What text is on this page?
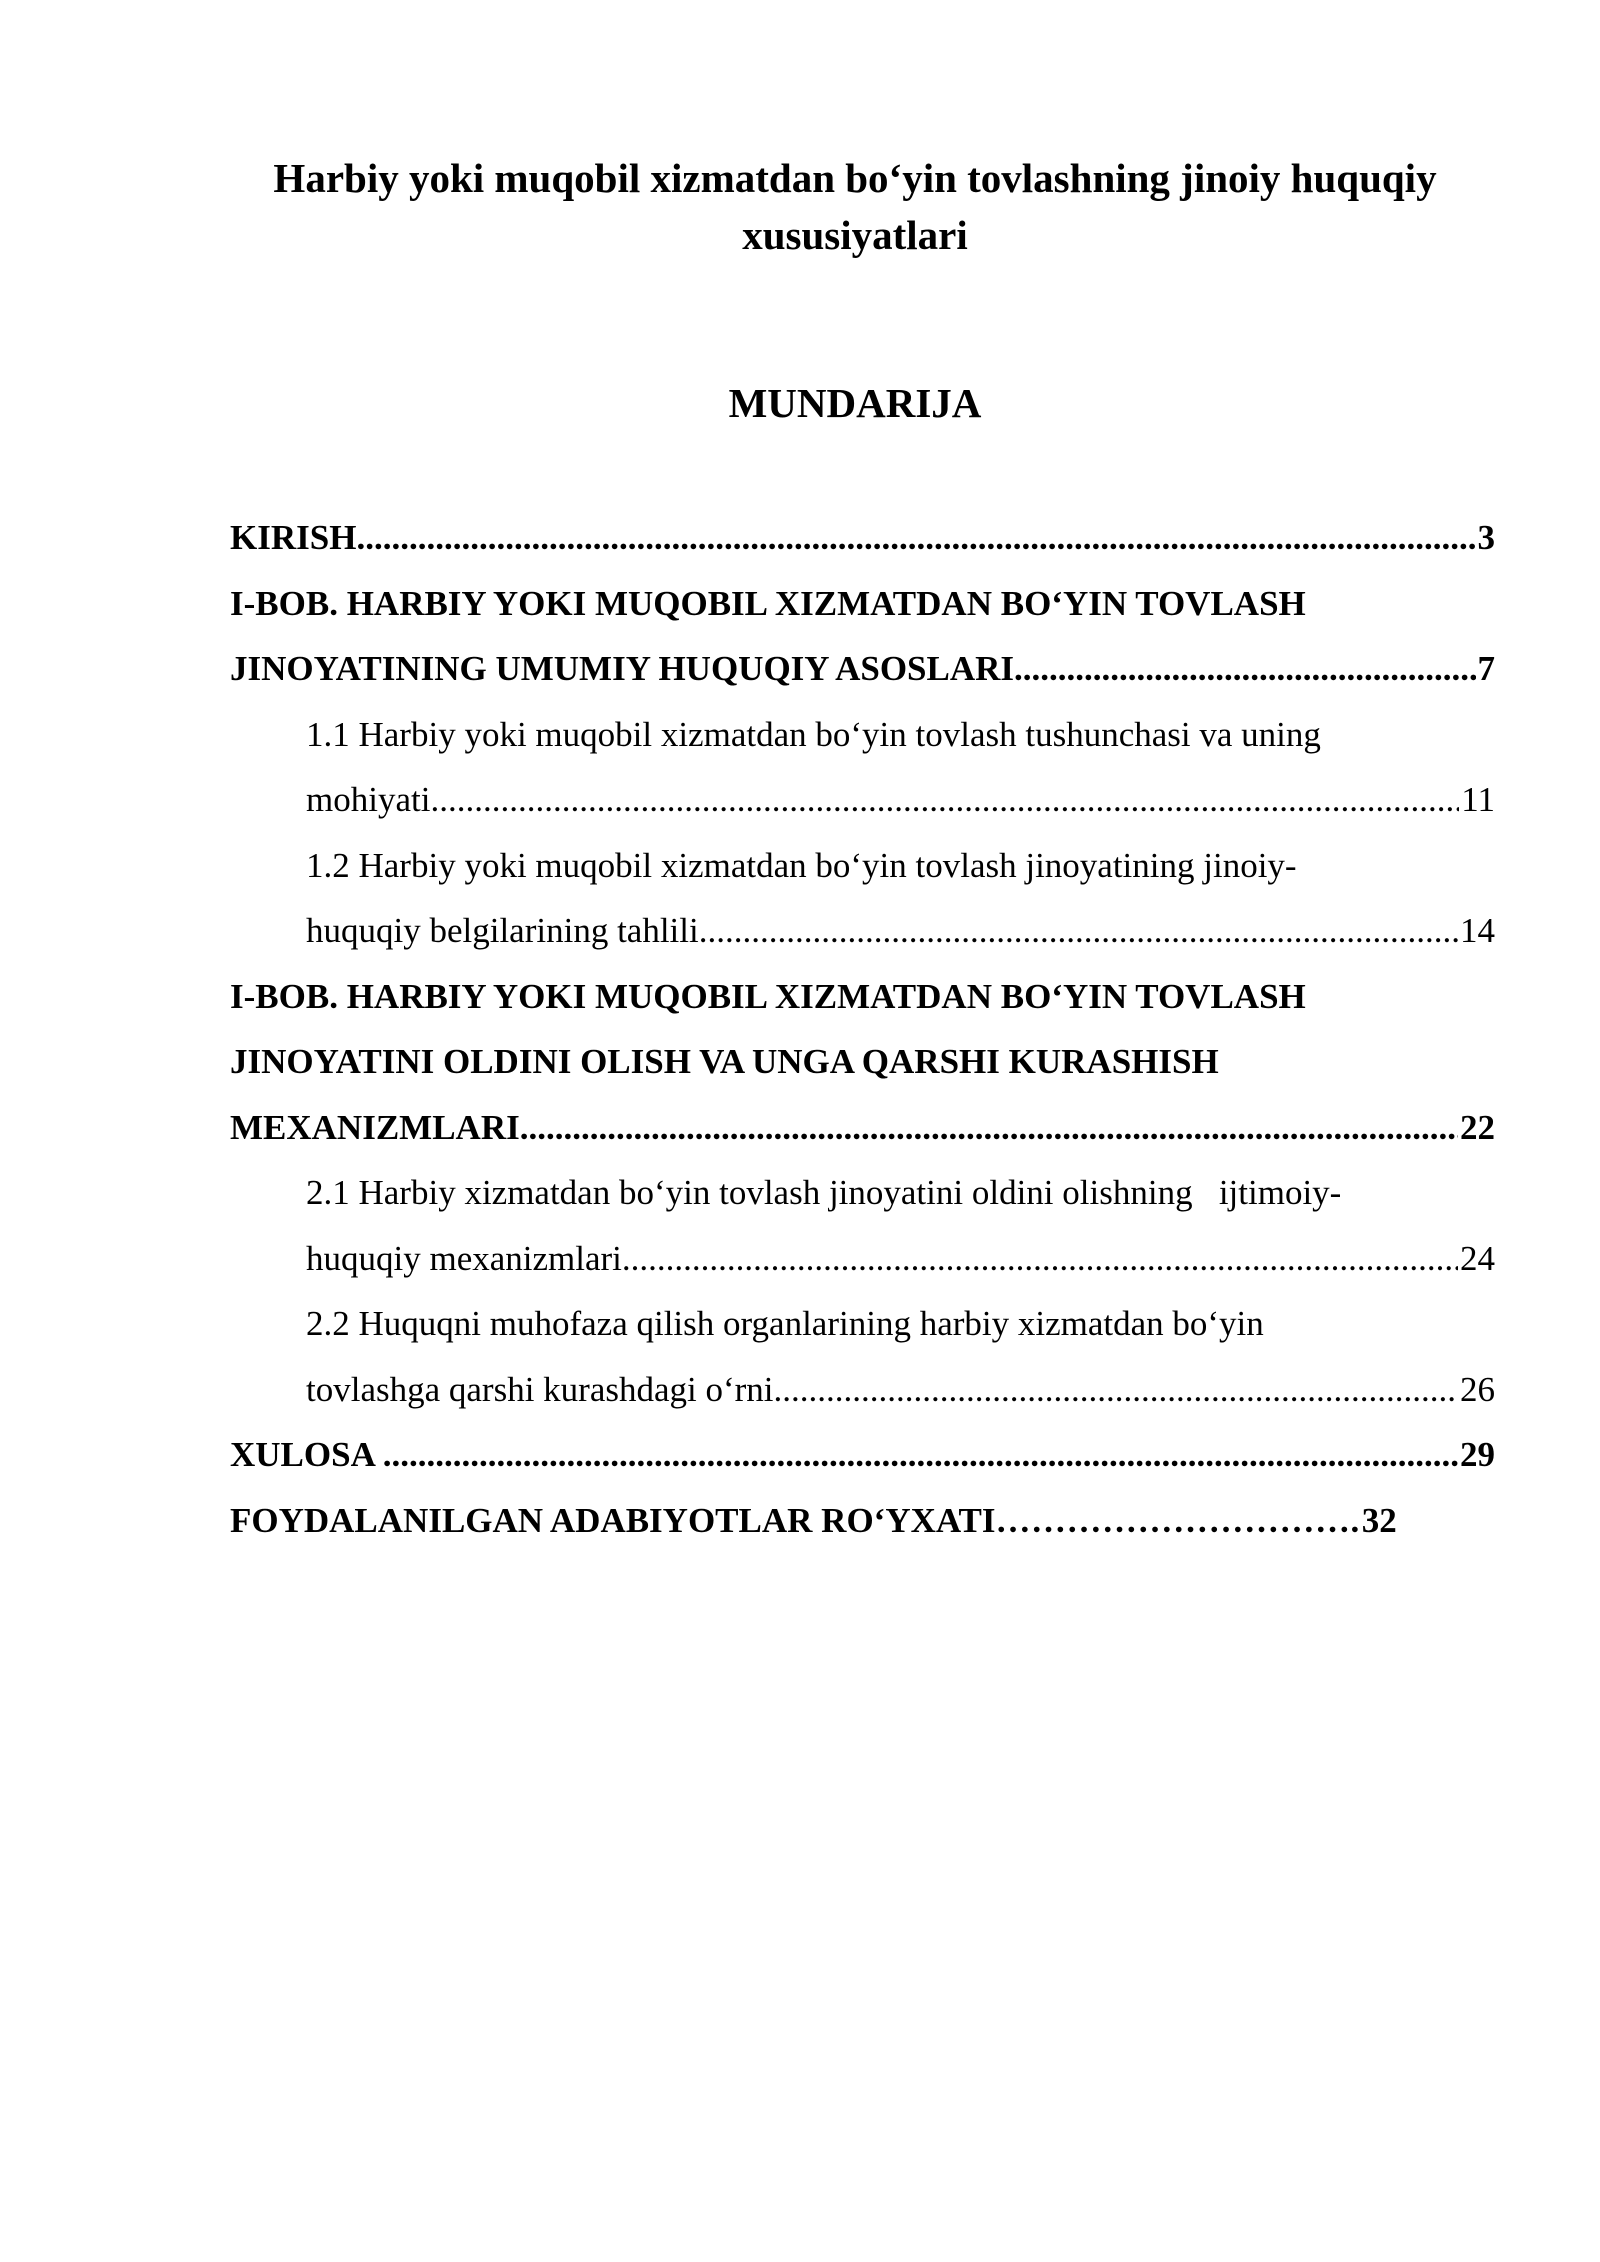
Harbiy yoki muqobil xizmatdan bo‘yin tovlashning jinoiy huquqiy xususiyatlari
MUNDARIJA
KIRISH .....	3
I-BOB. HARBIY YOKI MUQOBIL XIZMATDAN BO‘YIN TOVLASH
JINOYATINING UMUMIY HUQUQIY ASOSLARI .....	7
1.1 Harbiy yoki muqobil xizmatdan bo‘yin tovlash tushunchasi va uning
mohiyati .....	11
1.2 Harbiy yoki muqobil xizmatdan bo‘yin tovlash jinoyatining jinoiy-
huquqiy belgilarining tahlili .....	14
I-BOB. HARBIY YOKI MUQOBIL XIZMATDAN BO‘YIN TOVLASH
JINOYATINI OLDINI OLISH VA UNGA QARSHI KURASHISH
MEXANIZMLARI .....	22
2.1 Harbiy xizmatdan bo‘yin tovlash jinoyatini oldini olishning   ijtimoiy-
huquqiy mexanizmlari .....	24
2.2 Huquqni muhofaza qilish organlarining harbiy xizmatdan bo‘yin
tovlashga qarshi kurashdagi o‘rni .....	26
XULOSA .....	29
FOYDALANILGAN ADABIYOTLAR RO‘YXATI …………………………. 32
